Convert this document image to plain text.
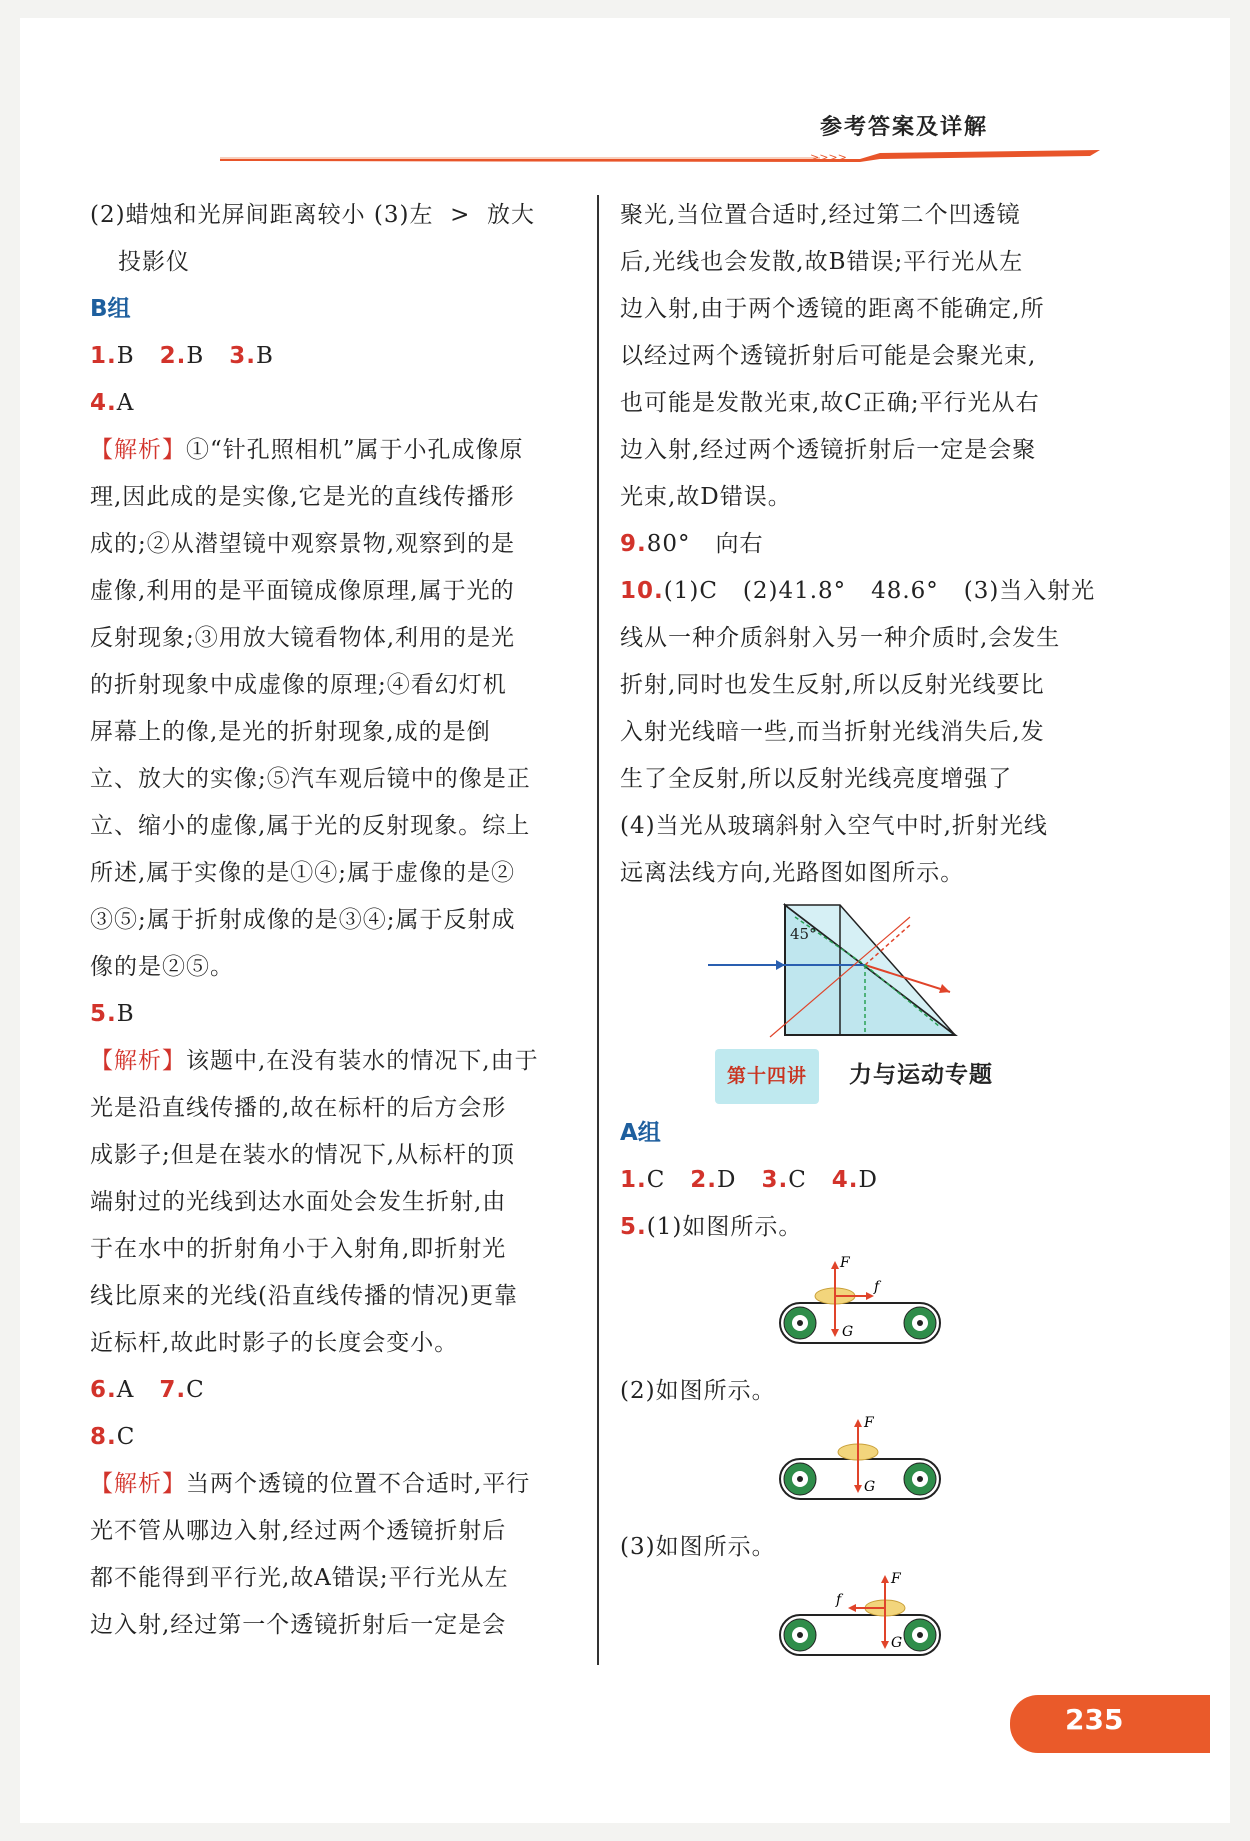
参考答案及详解
>>>>
(2)蜡烛和光屏间距离较小 (3)左  >  放大
投影仪
B组
1.B 2.B 3.B
4.A
【解析】①“针孔照相机”属于小孔成像原
理,因此成的是实像,它是光的直线传播形
成的;②从潜望镜中观察景物,观察到的是
虚像,利用的是平面镜成像原理,属于光的
反射现象;③用放大镜看物体,利用的是光
的折射现象中成虚像的原理;④看幻灯机
屏幕上的像,是光的折射现象,成的是倒
立、放大的实像;⑤汽车观后镜中的像是正
立、缩小的虚像,属于光的反射现象。综上
所述,属于实像的是①④;属于虚像的是②
③⑤;属于折射成像的是③④;属于反射成
像的是②⑤。
5.B
【解析】该题中,在没有装水的情况下,由于
光是沿直线传播的,故在标杆的后方会形
成影子;但是在装水的情况下,从标杆的顶
端射过的光线到达水面处会发生折射,由
于在水中的折射角小于入射角,即折射光
线比原来的光线(沿直线传播的情况)更靠
近标杆,故此时影子的长度会变小。
6.A 7.C
8.C
【解析】当两个透镜的位置不合适时,平行
光不管从哪边入射,经过两个透镜折射后
都不能得到平行光,故A错误;平行光从左
边入射,经过第一个透镜折射后一定是会
聚光,当位置合适时,经过第二个凹透镜
后,光线也会发散,故B错误;平行光从左
边入射,由于两个透镜的距离不能确定,所
以经过两个透镜折射后可能是会聚光束,
也可能是发散光束,故C正确;平行光从右
边入射,经过两个透镜折射后一定是会聚
光束,故D错误。
9.80°   向右
10.(1)C   (2)41.8°   48.6°   (3)当入射光
线从一种介质斜射入另一种介质时,会发生
折射,同时也发生反射,所以反射光线要比
入射光线暗一些,而当折射光线消失后,发
生了全反射,所以反射光线亮度增强了
(4)当光从玻璃斜射入空气中时,折射光线
远离法线方向,光路图如图所示。
45°
第十四讲 力与运动专题
A组
1.C 2.D 3.C 4.D
5.(1)如图所示。
F
G
f
(2)如图所示。
F
G
(3)如图所示。
F
G
f
235
